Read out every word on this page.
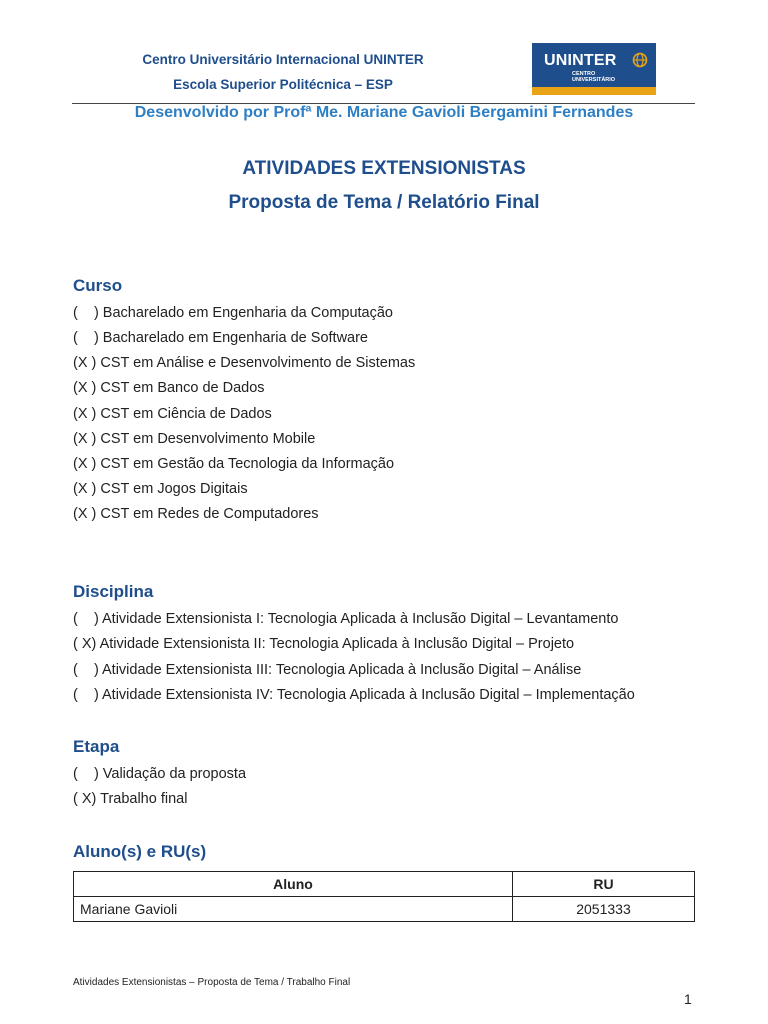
Centro Universitário Internacional UNINTER
Escola Superior Politécnica – ESP
UNINTER
CENTRO
UNIVERSITÁRIO
Desenvolvido por Profª Me. Mariane Gavioli Bergamini Fernandes
ATIVIDADES EXTENSIONISTAS
Proposta de Tema / Relatório Final
Curso
(    ) Bacharelado em Engenharia da Computação
(    ) Bacharelado em Engenharia de Software
(X ) CST em Análise e Desenvolvimento de Sistemas
(X ) CST em Banco de Dados
(X ) CST em Ciência de Dados
(X ) CST em Desenvolvimento Mobile
(X ) CST em Gestão da Tecnologia da Informação
(X ) CST em Jogos Digitais
(X ) CST em Redes de Computadores
Disciplina
(    ) Atividade Extensionista I: Tecnologia Aplicada à Inclusão Digital – Levantamento
( X) Atividade Extensionista II: Tecnologia Aplicada à Inclusão Digital – Projeto
(    ) Atividade Extensionista III: Tecnologia Aplicada à Inclusão Digital – Análise
(    ) Atividade Extensionista IV: Tecnologia Aplicada à Inclusão Digital – Implementação
Etapa
(    ) Validação da proposta
( X) Trabalho final
Aluno(s) e RU(s)
Aluno	RU
Mariane Gavioli	2051333
Atividades Extensionistas – Proposta de Tema / Trabalho Final
1
